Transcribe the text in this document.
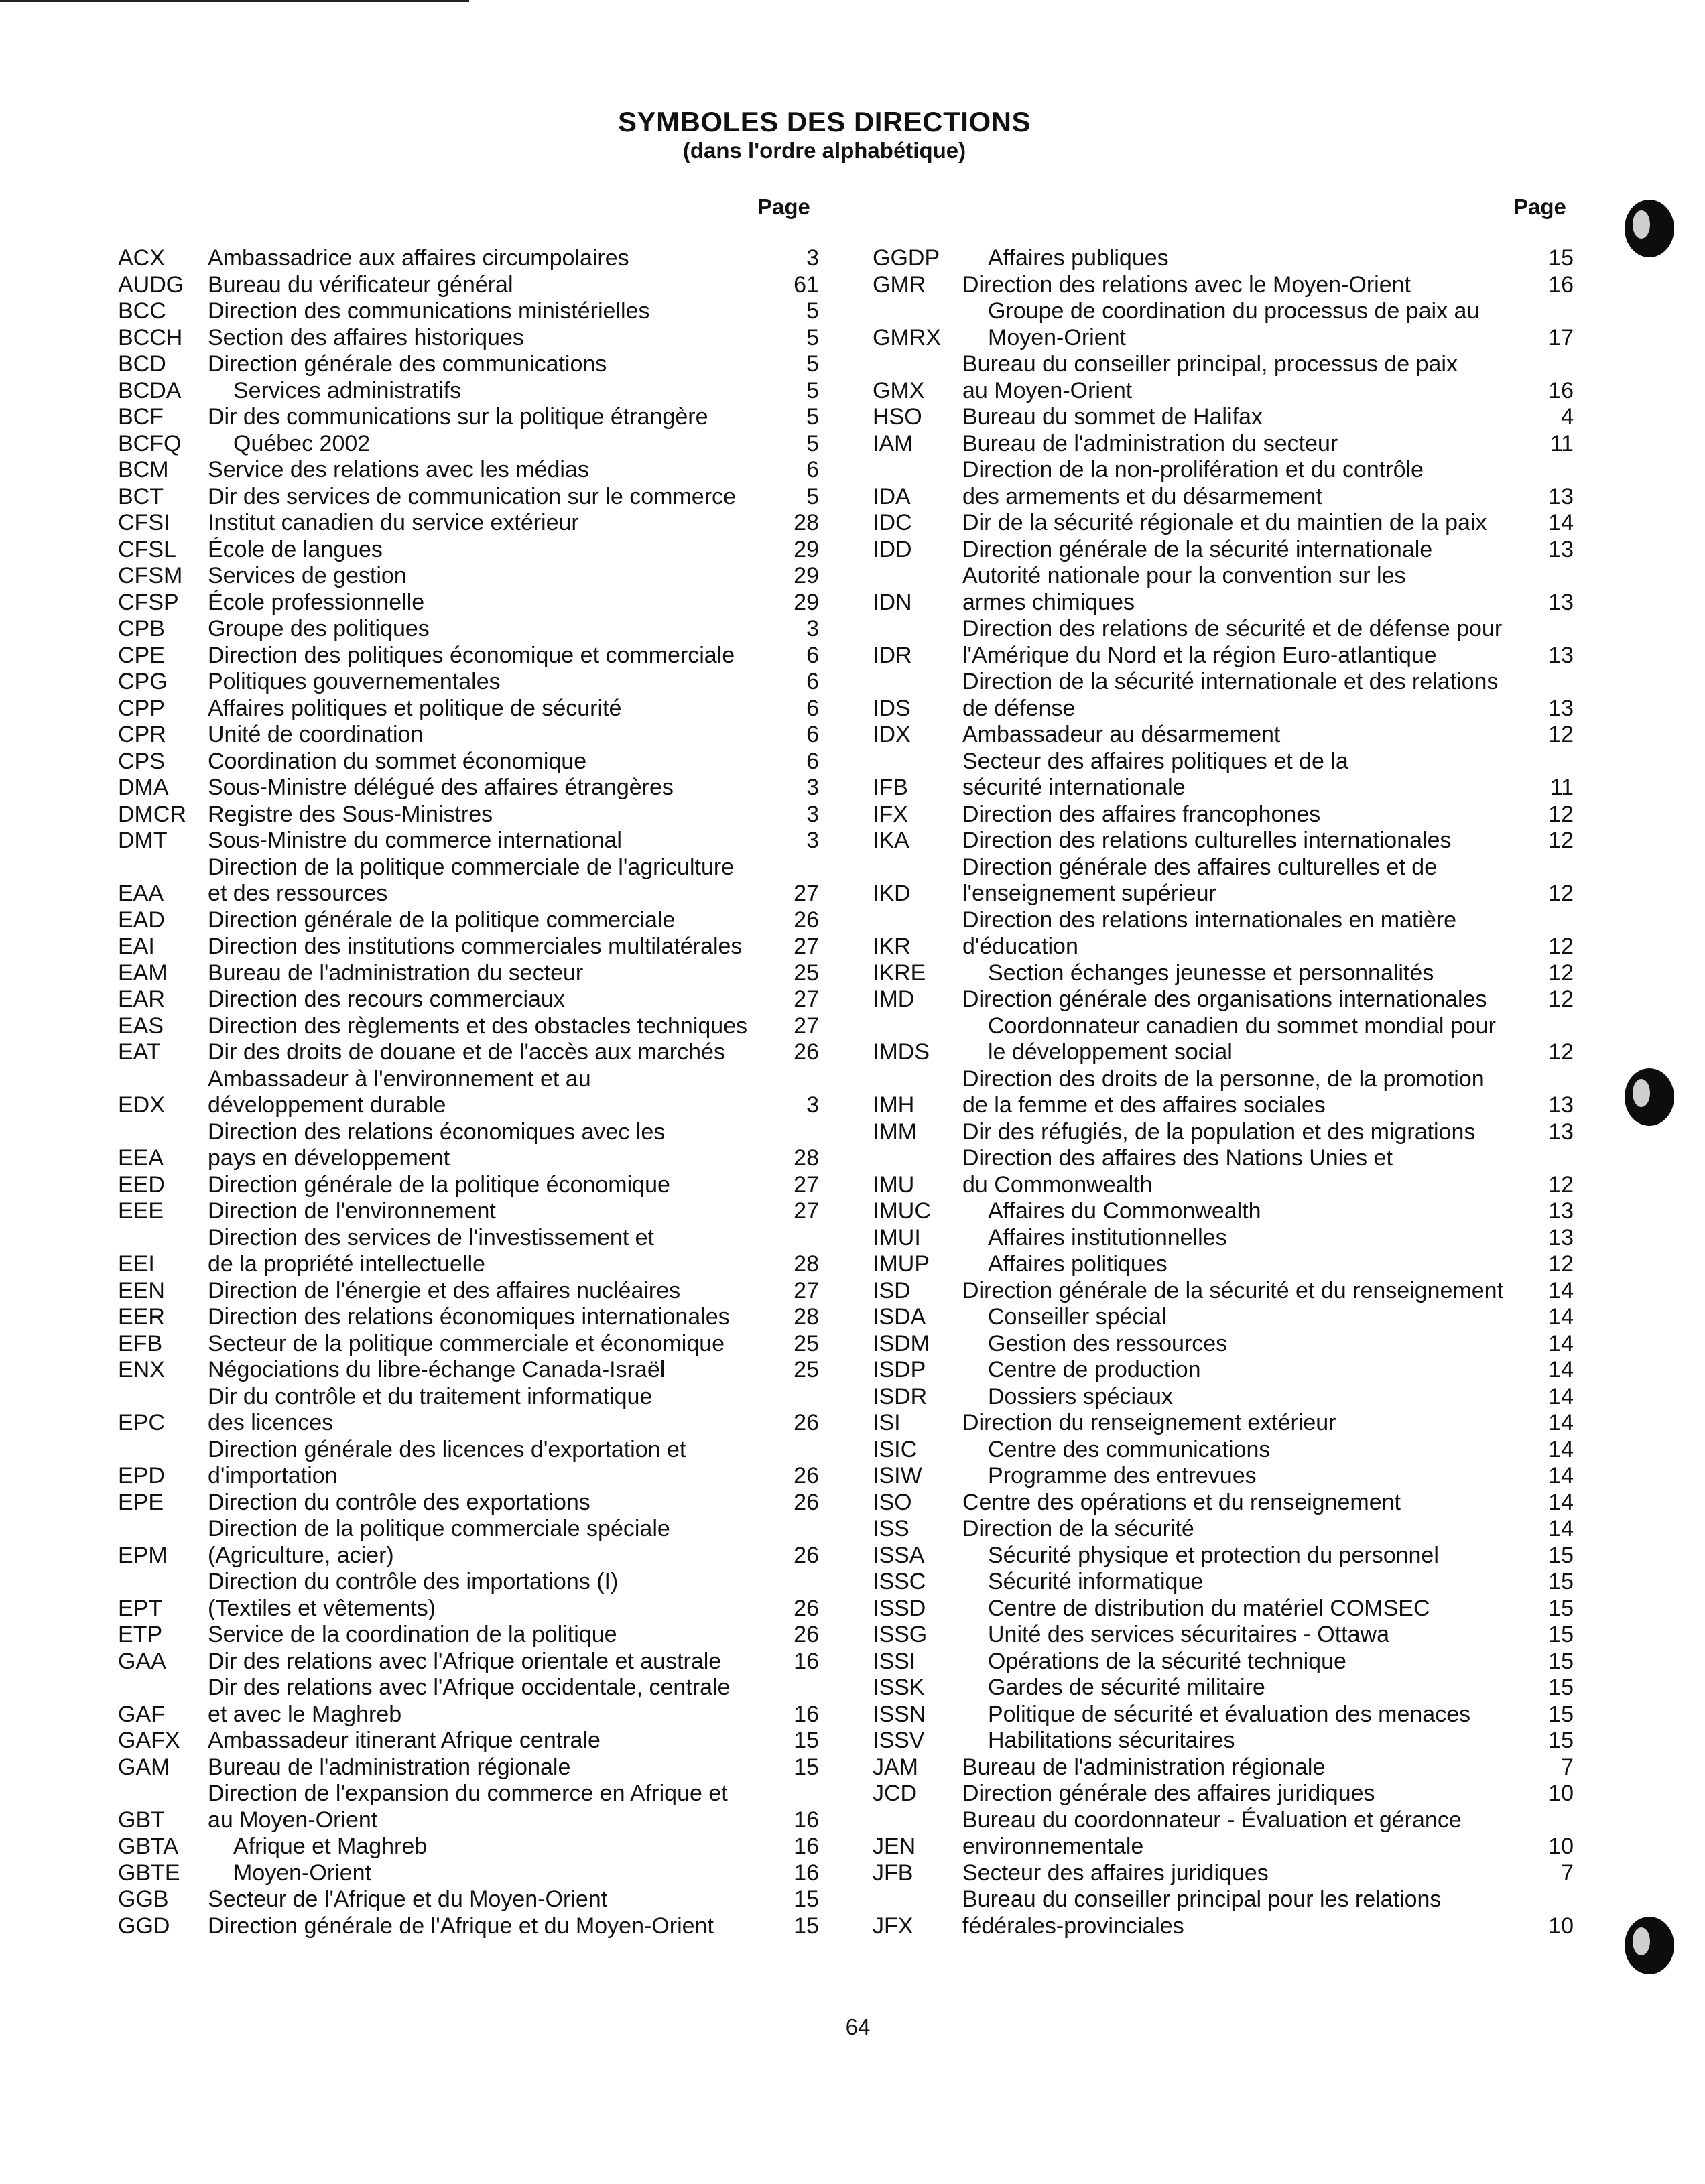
SYMBOLES DES DIRECTIONS
(dans l'ordre alphabétique)
Page	Page
ACX	Ambassadrice aux affaires circumpolaires	3
AUDG	Bureau du vérificateur général	61
BCC	Direction des communications ministérielles	5
BCCH	Section des affaires historiques	5
BCD	Direction générale des communications	5
BCDA	Services administratifs	5
BCF	Dir des communications sur la politique étrangère	5
BCFQ	Québec 2002	5
BCM	Service des relations avec les médias	6
BCT	Dir des services de communication sur le commerce	5
CFSI	Institut canadien du service extérieur	28
CFSL	École de langues	29
CFSM	Services de gestion	29
CFSP	École professionnelle	29
CPB	Groupe des politiques	3
CPE	Direction des politiques économique et commerciale	6
CPG	Politiques gouvernementales	6
CPP	Affaires politiques et politique de sécurité	6
CPR	Unité de coordination	6
CPS	Coordination du sommet économique	6
DMA	Sous-Ministre délégué des affaires étrangères	3
DMCR Registre des Sous-Ministres	3
DMT	Sous-Ministre du commerce international	3
EAA
Direction de la politique commerciale de l'agriculture
et des ressources	27
EAD	Direction générale de la politique commerciale	26
EAI	Direction des institutions commerciales multilatérales	27
EAM	Bureau de l'administration du secteur	25
EAR	Direction des recours commerciaux	27
EAS	Direction des règlements et des obstacles techniques	27
EAT	Dir des droits de douane et de l'accès aux marchés	26
EDX
Ambassadeur à l'environnement et au
développement durable	3
EEA
Direction des relations économiques avec les
pays en développement	28
EED	Direction générale de la politique économique	27
EEE	Direction de l'environnement	27
EEI
Direction des services de l'investissement et
de la propriété intellectuelle	28
EEN	Direction de l'énergie et des affaires nucléaires	27
EER	Direction des relations économiques internationales	28
EFB	Secteur de la politique commerciale et économique	25
ENX	Négociations du libre-échange Canada-Israël	25
EPC
Dir du contrôle et du traitement informatique
des licences	26
EPD
Direction générale des licences d'exportation et
d'importation	26
EPE	Direction du contrôle des exportations	26
EPM
Direction de la politique commerciale spéciale
(Agriculture, acier)	26
EPT
Direction du contrôle des importations (I)
(Textiles et vêtements)	26
ETP	Service de la coordination de la politique	26
GAA	Dir des relations avec l'Afrique orientale et australe	16
GAF
Dir des relations avec l'Afrique occidentale, centrale
et avec le Maghreb	16
GAFX	Ambassadeur itinerant Afrique centrale	15
GAM	Bureau de l'administration régionale	15
GBT
Direction de l'expansion du commerce en Afrique et
au Moyen-Orient	16
GBTA	Afrique et Maghreb	16
GBTE	Moyen-Orient	16
GGB	Secteur de l'Afrique et du Moyen-Orient	15
GGD	Direction générale de l'Afrique et du Moyen-Orient	15
GGDP	Affaires publiques	15
GMR	Direction des relations avec le Moyen-Orient	16
GMRX
Groupe de coordination du processus de paix au
Moyen-Orient	17
GMX
Bureau du conseiller principal, processus de paix
au Moyen-Orient	16
HSO	Bureau du sommet de Halifax	4
IAM	Bureau de l'administration du secteur	11
IDA
Direction de la non-prolifération et du contrôle
des armements et du désarmement	13
IDC	Dir de la sécurité régionale et du maintien de la paix	14
IDD	Direction générale de la sécurité internationale	13
IDN
Autorité nationale pour la convention sur les
armes chimiques	13
IDR
Direction des relations de sécurité et de défense pour
l'Amérique du Nord et la région Euro-atlantique	13
IDS
Direction de la sécurité internationale et des relations
de défense	13
IDX	Ambassadeur au désarmement	12
IFB
Secteur des affaires politiques et de la
sécurité internationale	11
IFX	Direction des affaires francophones	12
IKA	Direction des relations culturelles internationales	12
IKD
Direction générale des affaires culturelles et de
l'enseignement supérieur	12
IKR
Direction des relations internationales en matière
d'éducation	12
IKRE	Section échanges jeunesse et personnalités	12
IMD	Direction générale des organisations internationales	12
IMDS
Coordonnateur canadien du sommet mondial pour
le développement social	12
IMH
Direction des droits de la personne, de la promotion
de la femme et des affaires sociales	13
IMM	Dir des réfugiés, de la population et des migrations	13
IMU
Direction des affaires des Nations Unies et
du Commonwealth	12
IMUC	Affaires du Commonwealth	13
IMUI	Affaires institutionnelles	13
IMUP	Affaires politiques	12
ISD	Direction générale de la sécurité et du renseignement	14
ISDA	Conseiller spécial	14
ISDM	Gestion des ressources	14
ISDP	Centre de production	14
ISDR	Dossiers spéciaux	14
ISI	Direction du renseignement extérieur	14
ISIC	Centre des communications	14
ISIW	Programme des entrevues	14
ISO	Centre des opérations et du renseignement	14
ISS	Direction de la sécurité	14
ISSA	Sécurité physique et protection du personnel	15
ISSC	Sécurité informatique	15
ISSD	Centre de distribution du matériel COMSEC	15
ISSG	Unité des services sécuritaires - Ottawa	15
ISSI	Opérations de la sécurité technique	15
ISSK	Gardes de sécurité militaire	15
ISSN	Politique de sécurité et évaluation des menaces	15
ISSV	Habilitations sécuritaires	15
JAM	Bureau de l'administration régionale	7
JCD	Direction générale des affaires juridiques	10
JEN
Bureau du coordonnateur - Évaluation et gérance
environnementale	10
JFB	Secteur des affaires juridiques	7
JFX
Bureau du conseiller principal pour les relations
fédérales-provinciales	10
64
